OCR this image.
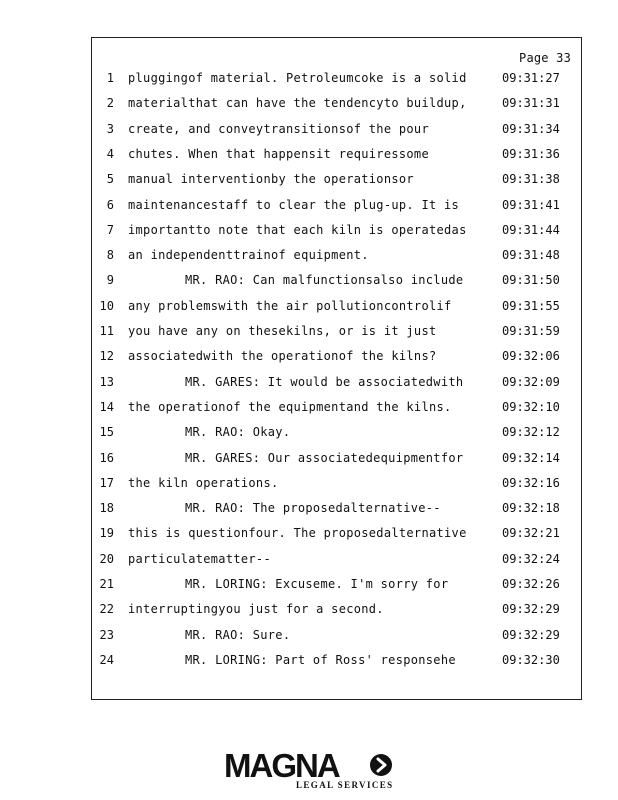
Page 33
1 pluggingof material. Petroleumcoke is a solid	09:31:27
2 materialthat can have the tendencyto buildup,	09:31:31
3 create, and conveytransitionsof the pour	09:31:34
4 chutes. When that happensit requiressome	09:31:36
5 manual interventionby the operationsor	09:31:38
6 maintenancestaff to clear the plug-up. It is	09:31:41
7 importantto note that each kiln is operatedas	09:31:44
8 an independenttrainof equipment.	09:31:48
9	MR. RAO: Can malfunctionsalso include	09:31:50
10 any problemswith the air pollutioncontrolif	09:31:55
11 you have any on thesekilns, or is it just	09:31:59
12 associatedwith the operationof the kilns?	09:32:06
13	MR. GARES: It would be associatedwith	09:32:09
14 the operationof the equipmentand the kilns.	09:32:10
15	MR. RAO: Okay.	09:32:12
16	MR. GARES: Our associatedequipmentfor	09:32:14
17 the kiln operations.	09:32:16
18	MR. RAO: The proposedalternative--	09:32:18
19 this is questionfour. The proposedalternative	09:32:21
20 particulatematter--	09:32:24
21	MR. LORING: Excuseme. I'm sorry for	09:32:26
22 interruptingyou just for a second.	09:32:29
23	MR. RAO: Sure.	09:32:29
24	MR. LORING: Part of Ross' responsehe	09:32:30
MAGNA
LEGAL SERVICES
